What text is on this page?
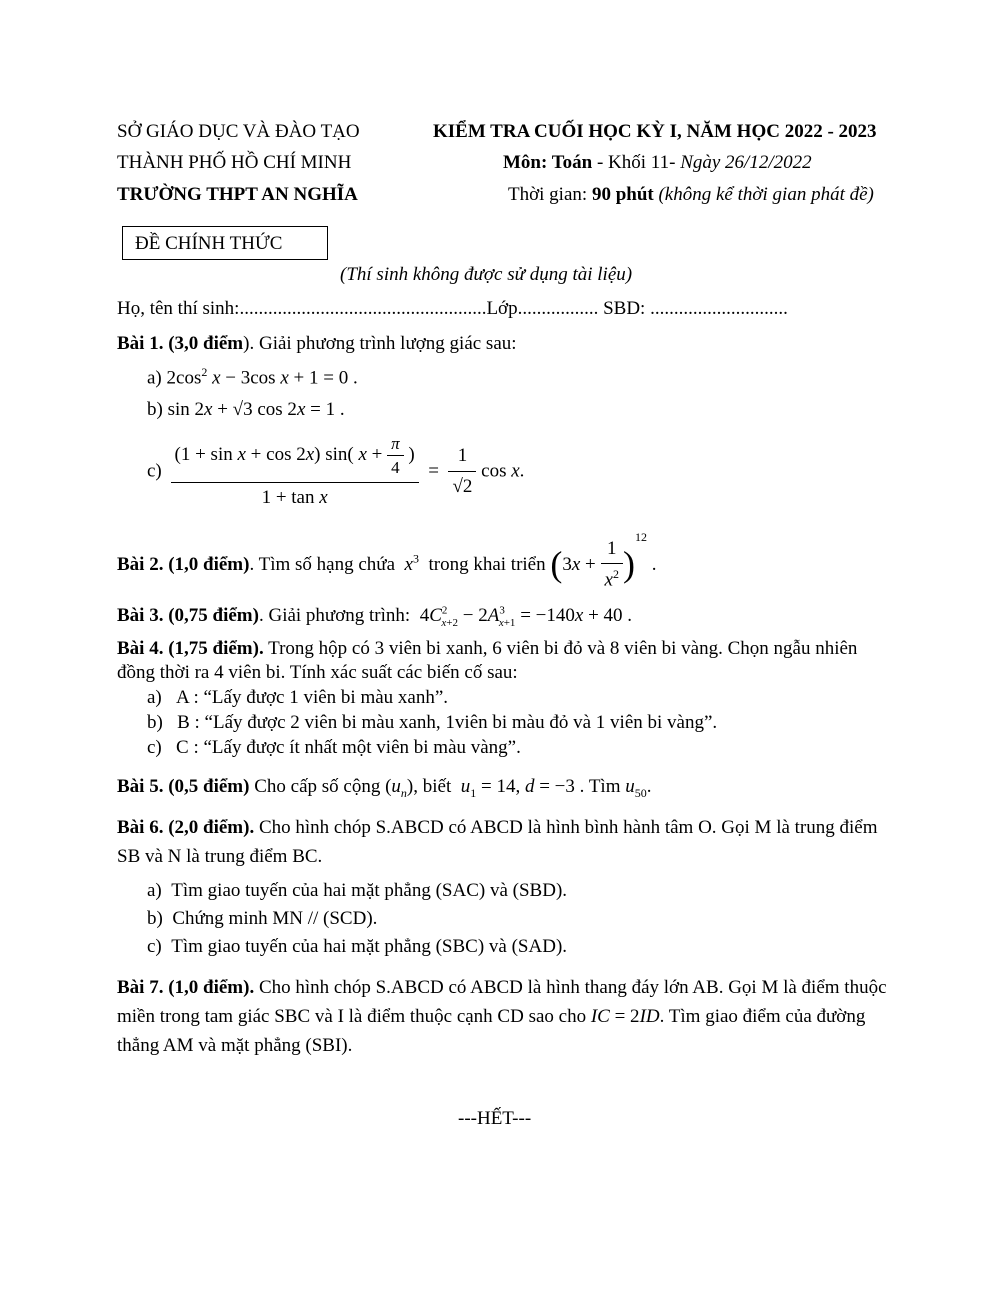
SỞ GIÁO DỤC VÀ ĐÀO TẠO
THÀNH PHỐ HỒ CHÍ MINH
TRƯỜNG THPT AN NGHĨA
KIỂM TRA CUỐI HỌC KỲ I, NĂM HỌC 2022 - 2023
Môn: Toán - Khối 11- Ngày 26/12/2022
Thời gian: 90 phút (không kể thời gian phát đề)
ĐỀ CHÍNH THỨC
(Thí sinh không được sử dụng tài liệu)
Họ, tên thí sinh:....................................................Lớp................. SBD: .............................
Bài 1. (3,0 điểm). Giải phương trình lượng giác sau:
a) $2\cos^2$ x − 3cos x + 1 = 0 .
b) sin 2x + √3 cos 2x = 1 .
$c) \frac{(1 + \sin x + \cos 2x) \sin( x + \frac{\pi}{4} )}{\text{1 + tan x}} = \frac{1}{√2}$ cos x.
Bài 2. (1,0 điểm). Tìm số hạng chứa $x^3$ trong khai triển $(3x + \frac{1}{x^2} )^{12}$ .
Bài 3. (0,75 điểm). Giải phương trình:  $4C^2_{x+2} - 2A^3_{x+1} = -140x + 40$ .
Bài 4. (1,75 điểm). Trong hộp có 3 viên bi xanh, 6 viên bi đỏ và 8 viên bi vàng. Chọn ngẫu nhiên đồng thời ra 4 viên bi. Tính xác suất các biến cố sau:
a) A : “Lấy được 1 viên bi màu xanh”.
b) B : “Lấy được 2 viên bi màu xanh, 1viên bi màu đỏ và 1 viên bi vàng”.
c) C : “Lấy được ít nhất một viên bi màu vàng”.
Bài 5. (0,5 điểm) Cho cấp số cộng $(u_n)$, biết $u_1 = 14$, d = −3 . Tìm $u_{50}$.
Bài 6. (2,0 điểm). Cho hình chóp S.ABCD có ABCD là hình bình hành tâm O. Gọi M là trung điểm SB và N là trung điểm BC.
a) Tìm giao tuyến của hai mặt phẳng (SAC) và (SBD).
b) Chứng minh MN // (SCD).
c) Tìm giao tuyến của hai mặt phẳng (SBC) và (SAD).
Bài 7. (1,0 điểm). Cho hình chóp S.ABCD có ABCD là hình thang đáy lớn AB. Gọi M là điểm thuộc miền trong tam giác SBC và I là điểm thuộc cạnh CD sao cho IC = 2ID. Tìm giao điểm của đường thẳng AM và mặt phẳng (SBI).
---HẾT---
